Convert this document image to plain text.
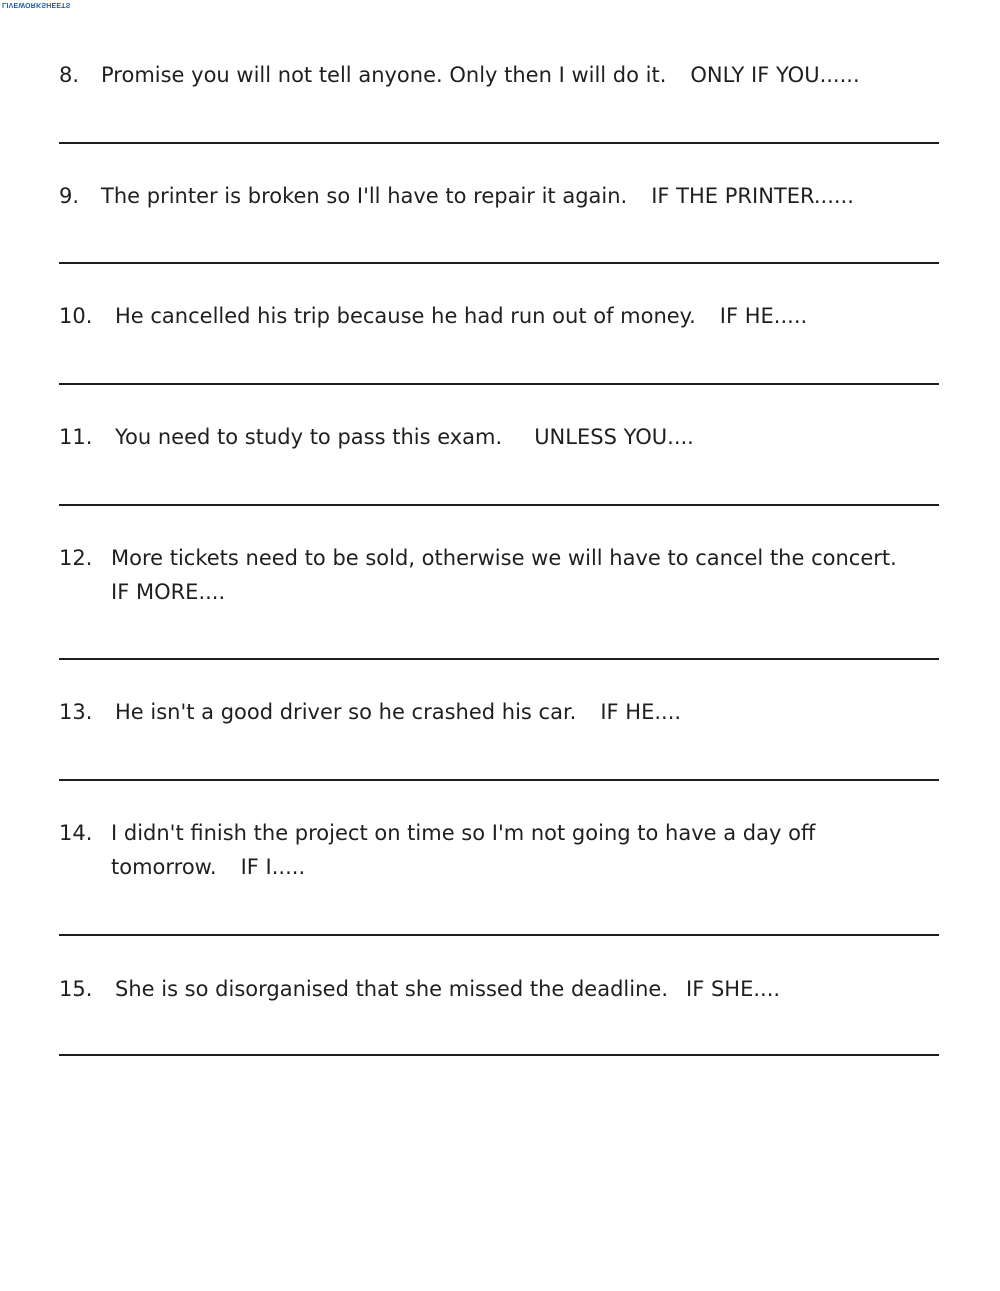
LIVEWORKSHEETS
8. Promise you will not tell anyone. Only then I will do it. ONLY IF YOU......
9. The printer is broken so I'll have to repair it again. IF THE PRINTER......
10. He cancelled his trip because he had run out of money. IF HE.....
11. You need to study to pass this exam. UNLESS YOU....
12. More tickets need to be sold, otherwise we will have to cancel the concert.
IF MORE....
13. He isn't a good driver so he crashed his car. IF HE....
14. I didn't finish the project on time so I'm not going to have a day off
tomorrow. IF I.....
15. She is so disorganised that she missed the deadline. IF SHE....
